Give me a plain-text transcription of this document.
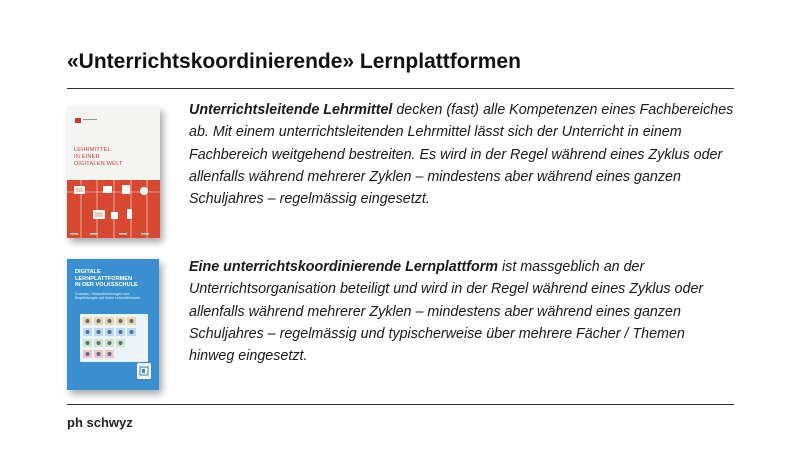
«Unterrichtskoordinierende» Lernplattformen
LEHRMITTEL
IN EINER
DIGITALEN WELT
Unterrichtsleitende Lehrmittel decken (fast) alle Kompetenzen eines Fachbereiches ab. Mit einem unterrichtsleitenden Lehrmittel lässt sich der Unterricht in einem Fachbereich weitgehend bestreiten. Es wird in der Regel während eines Zyklus oder allenfalls während mehrerer Zyklen – mindestens aber während eines ganzen Schuljahres – regelmässig eingesetzt.
DIGITALE
LERNPLATTFORMEN
IN DER VOLKSSCHULE
Chancen, Herausforderungen und
Empfehlungen auf einen Lehrmittelmarkt
Eine unterrichtskoordinierende Lernplattform ist massgeblich an der Unterrichtsorganisation beteiligt und wird in der Regel während eines Zyklus oder allenfalls während mehrerer Zyklen – mindestens aber während eines ganzen Schuljahres – regelmässig und typischerweise über mehrere Fächer / Themen hinweg eingesetzt.
ph schwyz
